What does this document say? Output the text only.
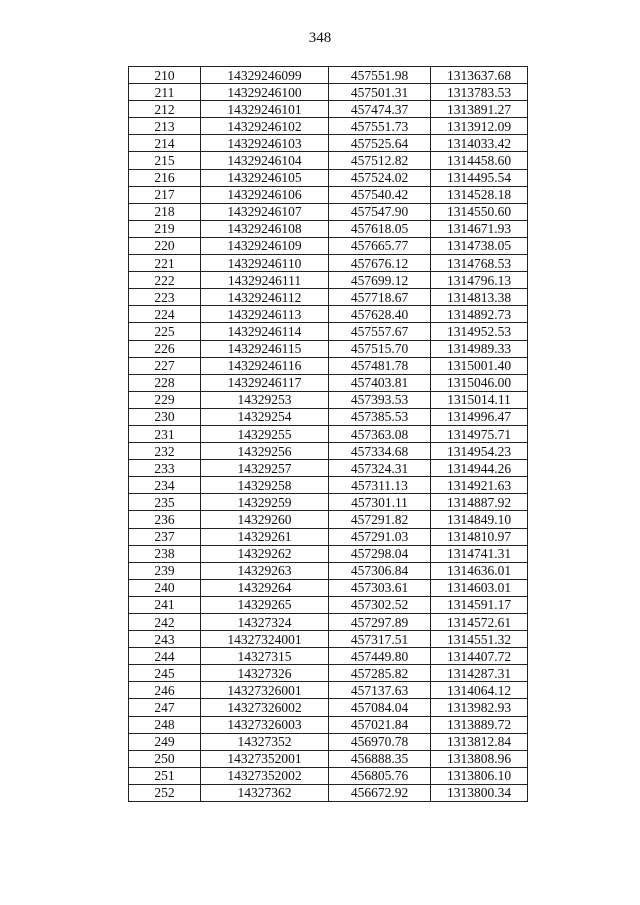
348
210	14329246099	457551.98	1313637.68
211	14329246100	457501.31	1313783.53
212	14329246101	457474.37	1313891.27
213	14329246102	457551.73	1313912.09
214	14329246103	457525.64	1314033.42
215	14329246104	457512.82	1314458.60
216	14329246105	457524.02	1314495.54
217	14329246106	457540.42	1314528.18
218	14329246107	457547.90	1314550.60
219	14329246108	457618.05	1314671.93
220	14329246109	457665.77	1314738.05
221	14329246110	457676.12	1314768.53
222	14329246111	457699.12	1314796.13
223	14329246112	457718.67	1314813.38
224	14329246113	457628.40	1314892.73
225	14329246114	457557.67	1314952.53
226	14329246115	457515.70	1314989.33
227	14329246116	457481.78	1315001.40
228	14329246117	457403.81	1315046.00
229	14329253	457393.53	1315014.11
230	14329254	457385.53	1314996.47
231	14329255	457363.08	1314975.71
232	14329256	457334.68	1314954.23
233	14329257	457324.31	1314944.26
234	14329258	457311.13	1314921.63
235	14329259	457301.11	1314887.92
236	14329260	457291.82	1314849.10
237	14329261	457291.03	1314810.97
238	14329262	457298.04	1314741.31
239	14329263	457306.84	1314636.01
240	14329264	457303.61	1314603.01
241	14329265	457302.52	1314591.17
242	14327324	457297.89	1314572.61
243	14327324001	457317.51	1314551.32
244	14327315	457449.80	1314407.72
245	14327326	457285.82	1314287.31
246	14327326001	457137.63	1314064.12
247	14327326002	457084.04	1313982.93
248	14327326003	457021.84	1313889.72
249	14327352	456970.78	1313812.84
250	14327352001	456888.35	1313808.96
251	14327352002	456805.76	1313806.10
252	14327362	456672.92	1313800.34
